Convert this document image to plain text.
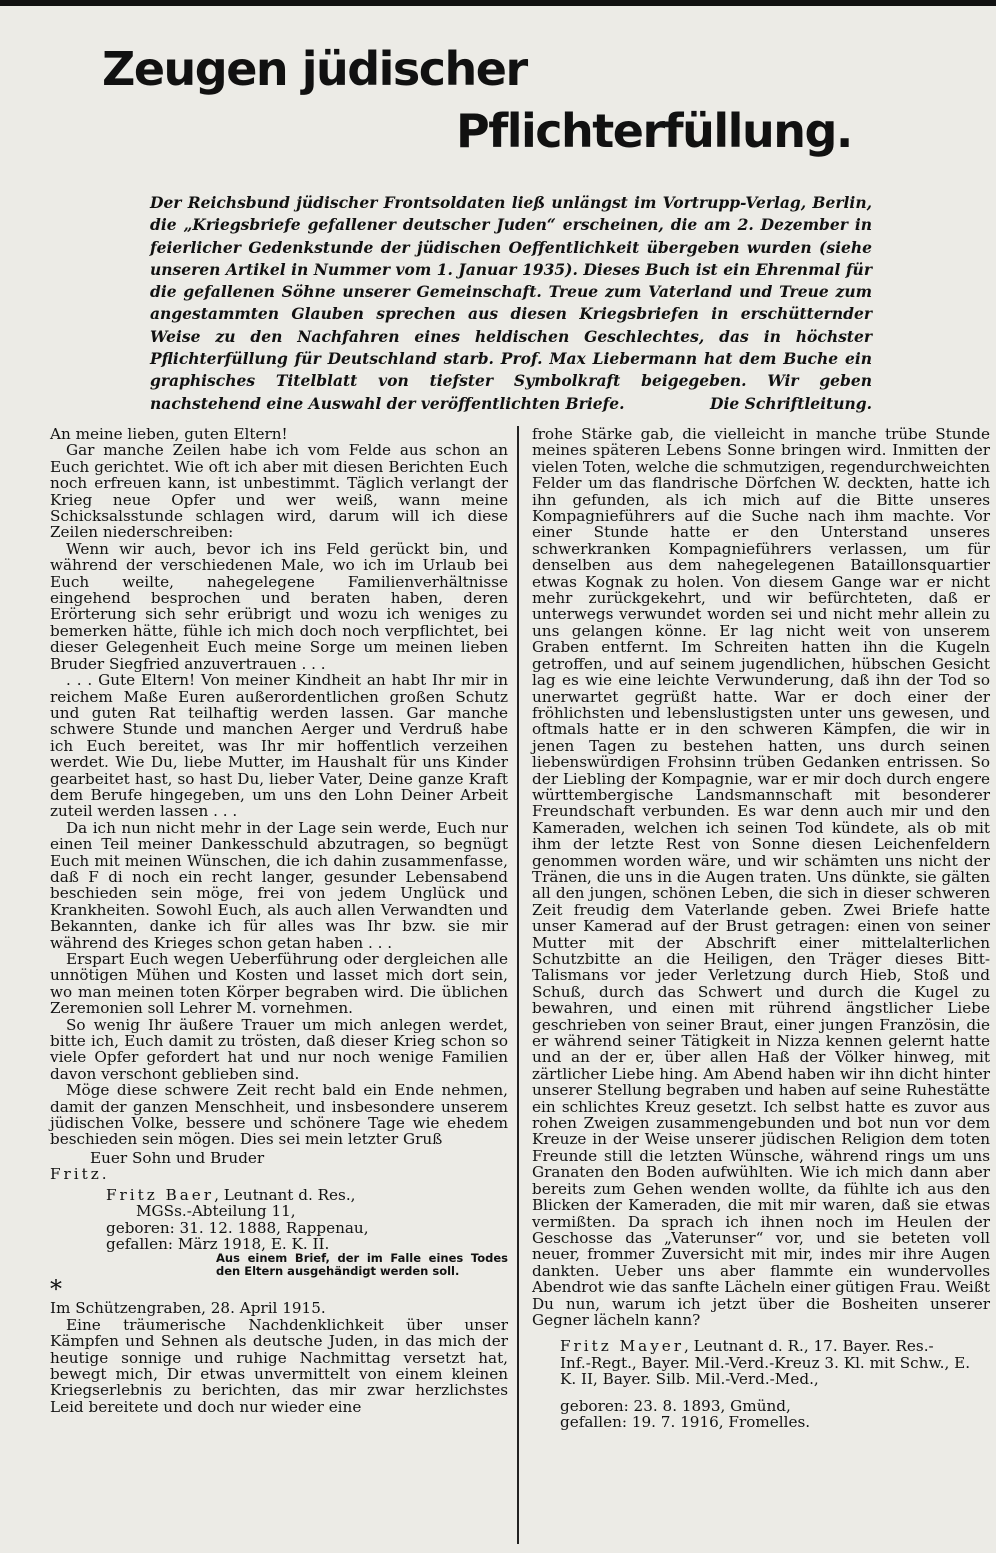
Zeugen jüdischer
Pflichterfüllung.
Der Reichsbund jüdischer Frontsoldaten ließ unlängst im Vortrupp-Verlag, Berlin, die „Kriegsbriefe gefallener deutscher Juden“ erscheinen, die am 2. Dezember in feierlicher Gedenkstunde der jüdischen Oeffentlichkeit übergeben wurden (siehe unseren Artikel in Nummer vom 1. Januar 1935). Dieses Buch ist ein Ehrenmal für die gefallenen Söhne unserer Gemeinschaft. Treue zum Vaterland und Treue zum angestammten Glauben sprechen aus diesen Kriegsbriefen in erschütternder Weise zu den Nachfahren eines heldischen Geschlechtes, das in höchster Pflichterfüllung für Deutschland starb. Prof. Max Liebermann hat dem Buche ein graphisches Titelblatt von tiefster Symbolkraft beigegeben. Wir geben nachstehend eine Auswahl der veröffentlichten Briefe.	Die Schriftleitung.

An meine lieben, guten Eltern!

Gar manche Zeilen habe ich vom Felde aus schon an Euch gerichtet. Wie oft ich aber mit diesen Berichten Euch noch erfreuen kann, ist unbestimmt. Täglich verlangt der Krieg neue Opfer und wer weiß, wann meine Schicksalsstunde schlagen wird, darum will ich diese Zeilen niederschreiben:

Wenn wir auch, bevor ich ins Feld gerückt bin, und während der verschiedenen Male, wo ich im Urlaub bei Euch weilte, nahegelegene Familienverhältnisse eingehend besprochen und beraten haben, deren Erörterung sich sehr erübrigt und wozu ich weniges zu bemerken hätte, fühle ich mich doch noch verpflichtet, bei dieser Gelegenheit Euch meine Sorge um meinen lieben Bruder Siegfried anzuvertrauen . . .

. . . Gute Eltern! Von meiner Kindheit an habt Ihr mir in reichem Maße Euren außerordentlichen großen Schutz und guten Rat teilhaftig werden lassen. Gar manche schwere Stunde und manchen Aerger und Verdruß habe ich Euch bereitet, was Ihr mir hoffentlich verzeihen werdet. Wie Du, liebe Mutter, im Haushalt für uns Kinder gearbeitet hast, so hast Du, lieber Vater, Deine ganze Kraft dem Berufe hingegeben, um uns den Lohn Deiner Arbeit zuteil werden lassen . . .

Da ich nun nicht mehr in der Lage sein werde, Euch nur einen Teil meiner Dankesschuld abzutragen, so begnügt Euch mit meinen Wünschen, die ich dahin zusammenfasse, daß F di noch ein recht langer, gesunder Lebensabend beschieden sein möge, frei von jedem Unglück und Krankheiten. Sowohl Euch, als auch allen Verwandten und Bekannten, danke ich für alles was Ihr bzw. sie mir während des Krieges schon getan haben . . .

Erspart Euch wegen Ueberführung oder dergleichen alle unnötigen Mühen und Kosten und lasset mich dort sein, wo man meinen toten Körper begraben wird. Die üblichen Zeremonien soll Lehrer M. vornehmen.

So wenig Ihr äußere Trauer um mich anlegen werdet, bitte ich, Euch damit zu trösten, daß dieser Krieg schon so viele Opfer gefordert hat und nur noch wenige Familien davon verschont geblieben sind.

Möge diese schwere Zeit recht bald ein Ende nehmen, damit der ganzen Menschheit, und insbesondere unserem jüdischen Volke, bessere und schönere Tage wie ehedem beschieden sein mögen. Dies sei mein letzter Gruß

Euer Sohn und Bruder

Fritz.

Fritz Baer, Leutnant d. Res.,

MGSs.-Abteilung 11,

geboren: 31. 12. 1888, Rappenau,

gefallen: März 1918, E. K. II.

Aus einem Brief, der im Falle eines Todes den Eltern ausgehändigt werden soll.

*

Im Schützengraben, 28. April 1915.

Eine träumerische Nachdenklichkeit über unser Kämpfen und Sehnen als deutsche Juden, in das mich der heutige sonnige und ruhige Nachmittag versetzt hat, bewegt mich, Dir etwas unvermittelt von einem kleinen Kriegserlebnis zu berichten, das mir zwar herzlichstes Leid bereitete und doch nur wieder eine

frohe Stärke gab, die vielleicht in manche trübe Stunde meines späteren Lebens Sonne bringen wird. Inmitten der vielen Toten, welche die schmutzigen, regendurchweichten Felder um das flandrische Dörfchen W. deckten, hatte ich ihn gefunden, als ich mich auf die Bitte unseres Kompagnieführers auf die Suche nach ihm machte. Vor einer Stunde hatte er den Unterstand unseres schwerkranken Kompagnieführers verlassen, um für denselben aus dem nahegelegenen Bataillonsquartier etwas Kognak zu holen. Von diesem Gange war er nicht mehr zurückgekehrt, und wir befürchteten, daß er unterwegs verwundet worden sei und nicht mehr allein zu uns gelangen könne. Er lag nicht weit von unserem Graben entfernt. Im Schreiten hatten ihn die Kugeln getroffen, und auf seinem jugendlichen, hübschen Gesicht lag es wie eine leichte Verwunderung, daß ihn der Tod so unerwartet gegrüßt hatte. War er doch einer der fröhlichsten und lebenslustigsten unter uns gewesen, und oftmals hatte er in den schweren Kämpfen, die wir in jenen Tagen zu bestehen hatten, uns durch seinen liebenswürdigen Frohsinn trüben Gedanken entrissen. So der Liebling der Kompagnie, war er mir doch durch engere württembergische Landsmannschaft mit besonderer Freundschaft verbunden. Es war denn auch mir und den Kameraden, welchen ich seinen Tod kündete, als ob mit ihm der letzte Rest von Sonne diesen Leichenfeldern genommen worden wäre, und wir schämten uns nicht der Tränen, die uns in die Augen traten. Uns dünkte, sie gälten all den jungen, schönen Leben, die sich in dieser schweren Zeit freudig dem Vaterlande geben. Zwei Briefe hatte unser Kamerad auf der Brust getragen: einen von seiner Mutter mit der Abschrift einer mittelalterlichen Schutzbitte an die Heiligen, den Träger dieses Bitt-Talismans vor jeder Verletzung durch Hieb, Stoß und Schuß, durch das Schwert und durch die Kugel zu bewahren, und einen mit rührend ängstlicher Liebe geschrieben von seiner Braut, einer jungen Französin, die er während seiner Tätigkeit in Nizza kennen gelernt hatte und an der er, über allen Haß der Völker hinweg, mit zärtlicher Liebe hing. Am Abend haben wir ihn dicht hinter unserer Stellung begraben und haben auf seine Ruhestätte ein schlichtes Kreuz gesetzt. Ich selbst hatte es zuvor aus rohen Zweigen zusammengebunden und bot nun vor dem Kreuze in der Weise unserer jüdischen Religion dem toten Freunde still die letzten Wünsche, während rings um uns Granaten den Boden aufwühlten. Wie ich mich dann aber bereits zum Gehen wenden wollte, da fühlte ich aus den Blicken der Kameraden, die mit mir waren, daß sie etwas vermißten. Da sprach ich ihnen noch im Heulen der Geschosse das „Vaterunser“ vor, und sie beteten voll neuer, frommer Zuversicht mit mir, indes mir ihre Augen dankten. Ueber uns aber flammte ein wundervolles Abendrot wie das sanfte Lächeln einer gütigen Frau. Weißt Du nun, warum ich jetzt über die Bosheiten unserer Gegner lächeln kann?

Fritz Mayer, Leutnant d. R., 17. Bayer. Res.-

Inf.-Regt., Bayer. Mil.-Verd.-Kreuz 3. Kl. mit Schw., E. K. II, Bayer. Silb. Mil.-Verd.-Med.,

geboren: 23. 8. 1893, Gmünd,

gefallen: 19. 7. 1916, Fromelles.
